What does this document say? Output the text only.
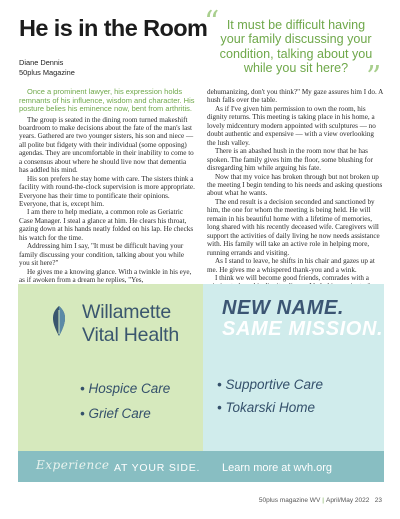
He is in the Room
“ It must be difficult having your family discussing your condition, talking about you while you sit here? ”
Diane Dennis
50plus Magazine

Once a prominent lawyer, his expression holds remnants of his influence, wisdom and character. His posture belies his eminence now, bent from arthritis.

The group is seated in the dining room turned makeshift boardroom to make decisions about the fate of the man's last years. Gathered are two younger sisters, his son and niece — all polite but fidgety with their individual (some opposing) agendas. They are uncomfortable in their inability to come to a consensus about where he should live now that dementia has addled his mind.

His son prefers he stay home with care. The sisters think a facility with round-the-clock supervision is more appropriate. Everyone has their time to pontificate their opinions. Everyone, that is, except him.

I am there to help mediate, a common role as Geriatric Case Manager. I steal a glance at him. He clears his throat, gazing down at his hands neatly folded on his lap. He checks his watch for the time.

Addressing him I say, "It must be difficult having your family discussing your condition, talking about you while you sit here?"

He gives me a knowing glance. With a twinkle in his eye, as if awoken from a dream he replies, "Yes,

dehumanizing, don't you think?" My gaze assures him I do. A hush falls over the table.

As if I've given him permission to own the room, his dignity returns. This meeting is taking place in his home, a lovely midcentury modern appointed with sculptures — no doubt authentic and expensive — with a view overlooking the lush valley.

There is an abashed hush in the room now that he has spoken. The family gives him the floor, some blushing for disregarding him while arguing his fate.

Now that my voice has broken through but not broken up the meeting I begin tending to his needs and asking questions about what he wants.

The end result is a decision seconded and sanctioned by him, the one for whom the meeting is being held. He will remain in his beautiful home with a lifetime of memories, long shared with his recently deceased wife. Caregivers will support the activities of daily living he now needs assistance with. His family will take an active role in helping more, running errands and visiting.

As I stand to leave, he shifts in his chair and gazes up at me. He gives me a whispered thank-you and a wink.

I think we will become good friends, comrades with a

Willamette
Vital Health
NEW NAME.
SAME MISSION.
• Hospice Care
• Grief Care
• Supportive Care
• Tokarski Home
Experience AT YOUR SIDE. Learn more at wvh.org
50plus magazine WV | April/May 2022 23
